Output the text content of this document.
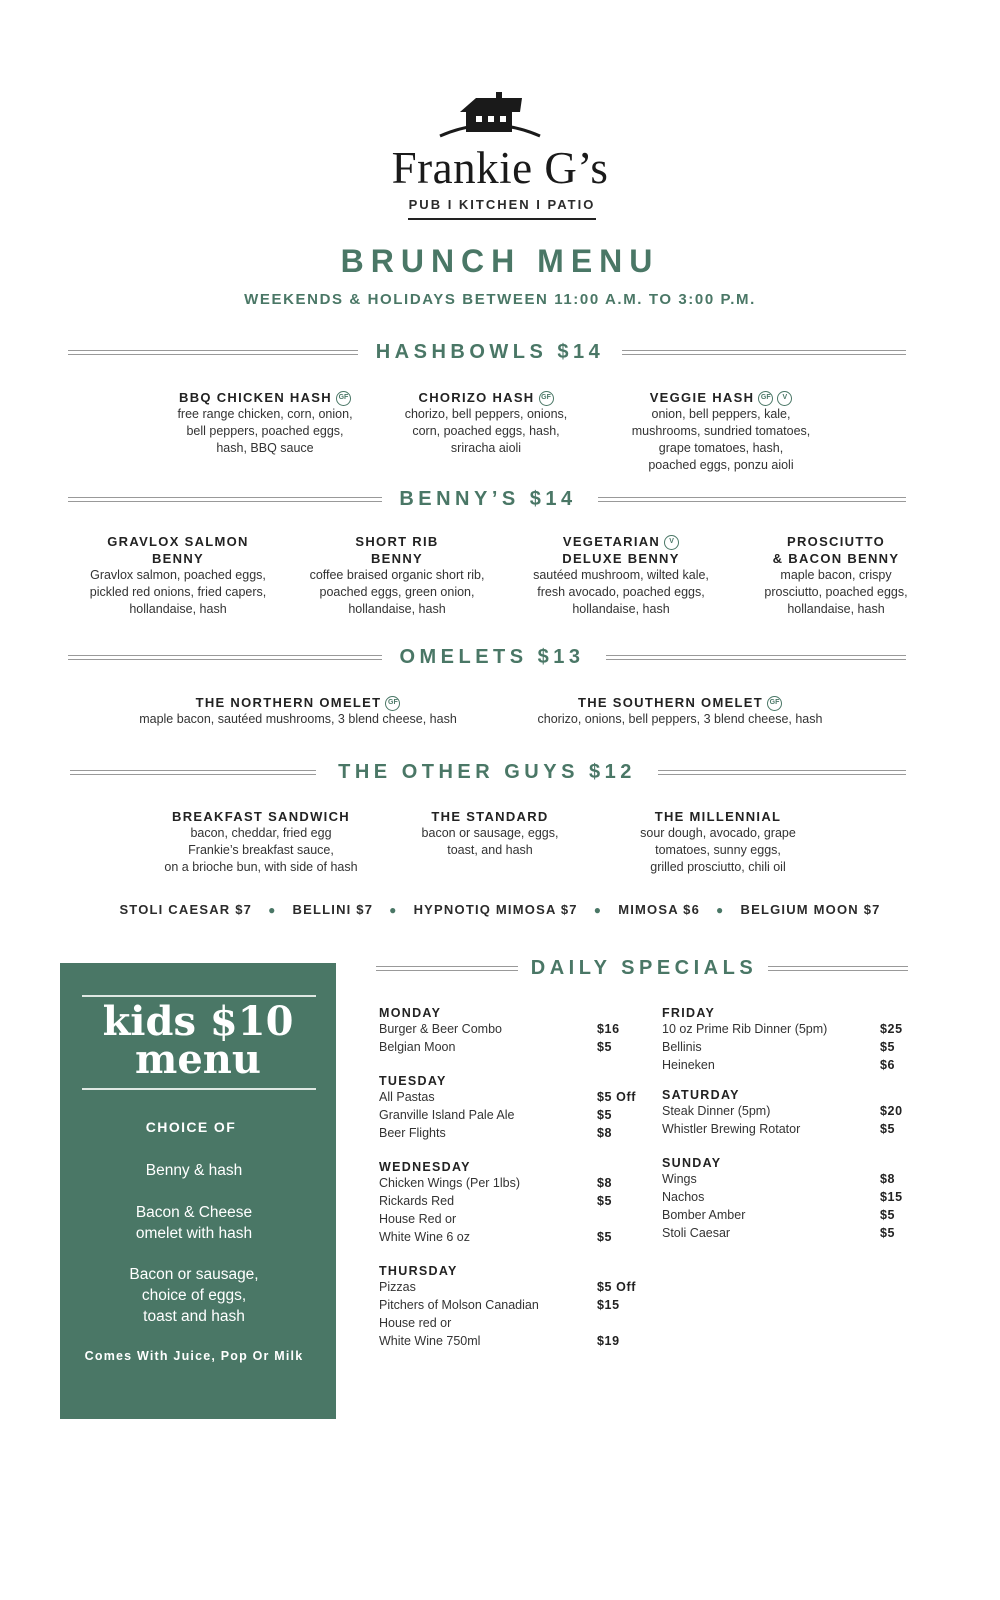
Frankie G’s
PUB I KITCHEN I PATIO
BRUNCH MENU
WEEKENDS & HOLIDAYS BETWEEN 11:00 A.M. TO 3:00 P.M.
HASHBOWLS $14
BBQ CHICKEN HASH GF
free range chicken, corn, onion,
bell peppers, poached eggs,
hash, BBQ sauce
CHORIZO HASH GF
chorizo, bell peppers, onions,
corn, poached eggs, hash,
sriracha aioli
VEGGIE HASH GF V
onion, bell peppers, kale,
mushrooms, sundried tomatoes,
grape tomatoes, hash,
poached eggs, ponzu aioli
BENNY’S $14
GRAVLOX SALMON
BENNY
Gravlox salmon, poached eggs,
pickled red onions, fried capers,
hollandaise, hash
SHORT RIB
BENNY
coffee braised organic short rib,
poached eggs, green onion,
hollandaise, hash
VEGETARIAN V
DELUXE BENNY
sautéed mushroom, wilted kale,
fresh avocado, poached eggs,
hollandaise, hash
PROSCIUTTO
& BACON BENNY
maple bacon, crispy
prosciutto, poached eggs,
hollandaise, hash
OMELETS $13
THE NORTHERN OMELET GF
maple bacon, sautéed mushrooms, 3 blend cheese, hash
THE SOUTHERN OMELET GF
chorizo, onions, bell peppers, 3 blend cheese, hash
THE OTHER GUYS $12
BREAKFAST SANDWICH
bacon, cheddar, fried egg
Frankie’s breakfast sauce,
on a brioche bun, with side of hash
THE STANDARD
bacon or sausage, eggs,
toast, and hash
THE MILLENNIAL
sour dough, avocado, grape
tomatoes, sunny eggs,
grilled prosciutto, chili oil
STOLI CAESAR $7 ● BELLINI $7 ● HYPNOTIQ MIMOSA $7 ● MIMOSA $6 ● BELGIUM MOON $7
kids $10
menu
CHOICE OF
Benny & hash
Bacon & Cheese
omelet with hash
Bacon or sausage,
choice of eggs,
toast and hash
Comes With Juice, Pop Or Milk
DAILY SPECIALS
MONDAY
Burger & Beer Combo	$16
Belgian Moon	$5
TUESDAY
All Pastas	$5 Off
Granville Island Pale Ale	$5
Beer Flights	$8
WEDNESDAY
Chicken Wings (Per 1lbs)	$8
Rickards Red	$5
House Red or
White Wine 6 oz	$5
THURSDAY
Pizzas	$5 Off
Pitchers of Molson Canadian	$15
House red or
White Wine 750ml	$19
FRIDAY
10 oz Prime Rib Dinner (5pm)	$25
Bellinis	$5
Heineken	$6
SATURDAY
Steak Dinner (5pm)	$20
Whistler Brewing Rotator	$5
SUNDAY
Wings	$8
Nachos	$15
Bomber Amber	$5
Stoli Caesar	$5
